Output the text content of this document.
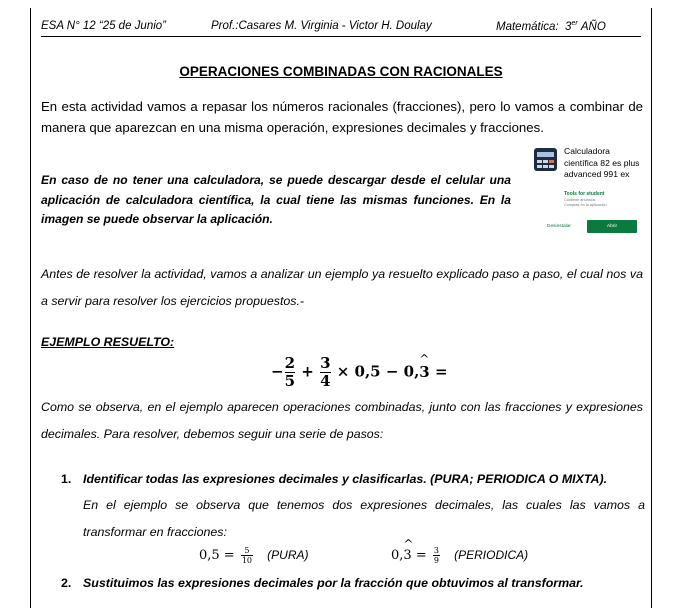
ESA N° 12 “25 de Junio”	Prof.:Casares M. Virginia - Victor H. Doulay	Matemática: 3er AÑO
OPERACIONES COMBINADAS CON RACIONALES
En esta actividad vamos a repasar los números racionales (fracciones), pero lo vamos a combinar de manera que aparezcan en una misma operación, expresiones decimales y fracciones.
En caso de no tener una calculadora, se puede descargar desde el celular una aplicación de calculadora científica, la cual tiene las mismas funciones. En la imagen se puede observar la aplicación.
Calculadora científica 82 es plus advanced 991 ex
Tools for student
Contiene anuncios
Compras en la aplicación
Desinstalar	Abrir
Antes de resolver la actividad, vamos a analizar un ejemplo ya resuelto explicado paso a paso, el cual nos va a servir para resolver los ejercicios propuestos.-
EJEMPLO RESUELTO:
− $\frac{2}{5} + \frac{3}{4} \times 0,5$ − 0,^ 3 =
Como se observa, en el ejemplo aparecen operaciones combinadas, junto con las fracciones y expresiones decimales. Para resolver, debemos seguir una serie de pasos:
1. Identificar todas las expresiones decimales y clasificarlas. (PURA; PERIODICA O MIXTA).
En el ejemplo se observa que tenemos dos expresiones decimales, las cuales las vamos a transformar en fracciones:
$0,5 = \frac{5}{10}$ (PURA)	0,^ $3 = \frac{3}{9}$ (PERIODICA)
2. Sustituimos las expresiones decimales por la fracción que obtuvimos al transformar.
